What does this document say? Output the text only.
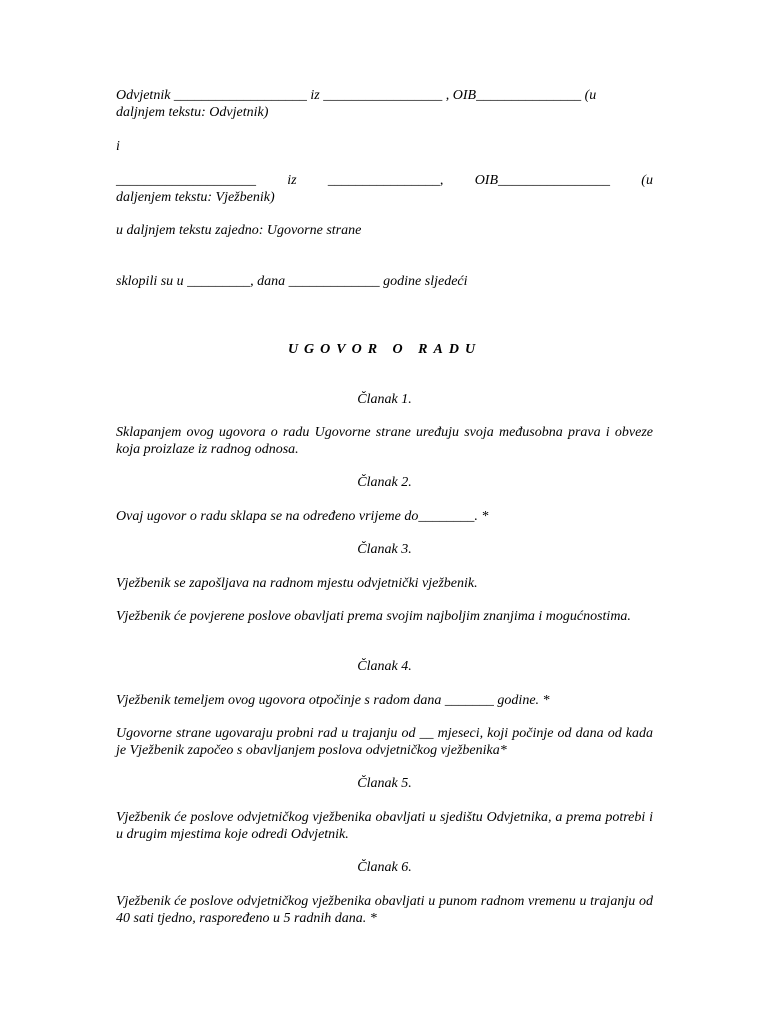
Odvjetnik ___________________ iz _________________ , OIB_______________ (u

daljnjem tekstu: Odvjetnik)

i

____________________ iz ________________, OIB________________ (u

daljenjem tekstu: Vježbenik)

u daljnjem tekstu zajedno: Ugovorne strane

sklopili su u _________, dana _____________ godine sljedeći

UGOVOR O RADU

Članak 1.

Sklapanjem ovog ugovora o radu Ugovorne strane uređuju svoja međusobna prava i obveze koja proizlaze iz radnog odnosa.

Članak 2.

Ovaj ugovor o radu sklapa se na određeno vrijeme do________. *

Članak 3.

Vježbenik se zapošljava na radnom mjestu odvjetnički vježbenik.

Vježbenik će povjerene poslove obavljati prema svojim najboljim znanjima i mogućnostima.

Članak 4.

Vježbenik temeljem ovog ugovora otpočinje s radom dana _______ godine. *

Ugovorne strane ugovaraju probni rad u trajanju od __ mjeseci, koji počinje od dana od kada je Vježbenik započeo s obavljanjem poslova odvjetničkog vježbenika*

Članak 5.

Vježbenik će poslove odvjetničkog vježbenika obavljati u sjedištu Odvjetnika, a prema potrebi i u drugim mjestima koje odredi Odvjetnik.

Članak 6.

Vježbenik će poslove odvjetničkog vježbenika obavljati u punom radnom vremenu u trajanju od 40 sati tjedno, raspoređeno u 5 radnih dana. *
